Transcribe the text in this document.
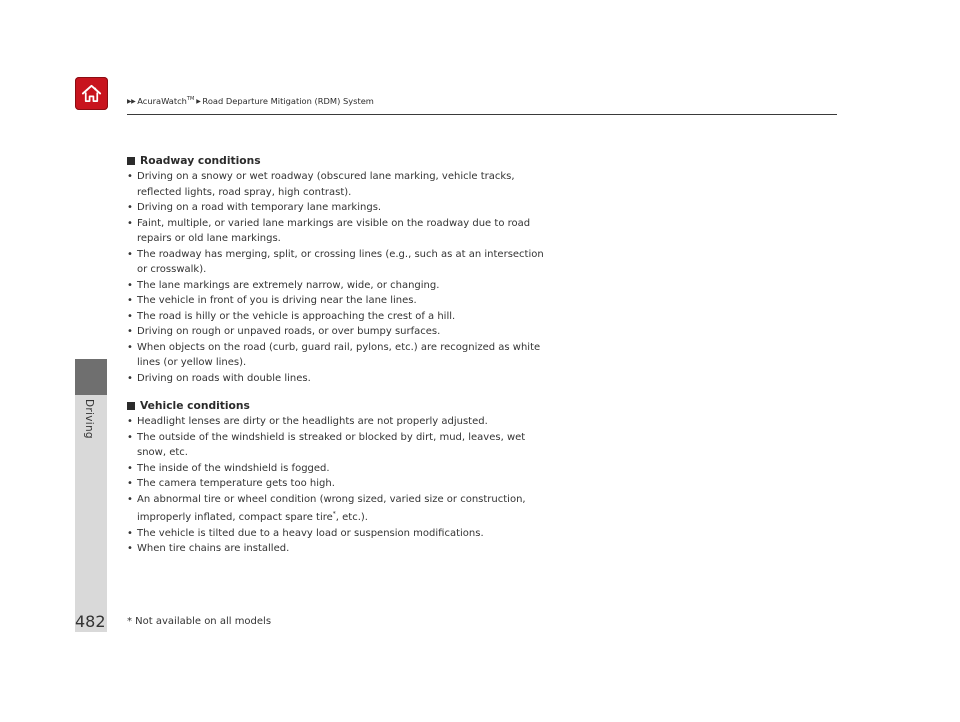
▶▶ AcuraWatch™ ▶ Road Departure Mitigation (RDM) System
Driving
482
Roadway conditions
• Driving on a snowy or wet roadway (obscured lane marking, vehicle tracks,
reflected lights, road spray, high contrast).
• Driving on a road with temporary lane markings.
• Faint, multiple, or varied lane markings are visible on the roadway due to road
repairs or old lane markings.
• The roadway has merging, split, or crossing lines (e.g., such as at an intersection
or crosswalk).
• The lane markings are extremely narrow, wide, or changing.
• The vehicle in front of you is driving near the lane lines.
• The road is hilly or the vehicle is approaching the crest of a hill.
• Driving on rough or unpaved roads, or over bumpy surfaces.
• When objects on the road (curb, guard rail, pylons, etc.) are recognized as white
lines (or yellow lines).
• Driving on roads with double lines.
Vehicle conditions
• Headlight lenses are dirty or the headlights are not properly adjusted.
• The outside of the windshield is streaked or blocked by dirt, mud, leaves, wet
snow, etc.
• The inside of the windshield is fogged.
• The camera temperature gets too high.
• An abnormal tire or wheel condition (wrong sized, varied size or construction,
improperly inflated, compact spare tire*, etc.).
• The vehicle is tilted due to a heavy load or suspension modifications.
• When tire chains are installed.
* Not available on all models
